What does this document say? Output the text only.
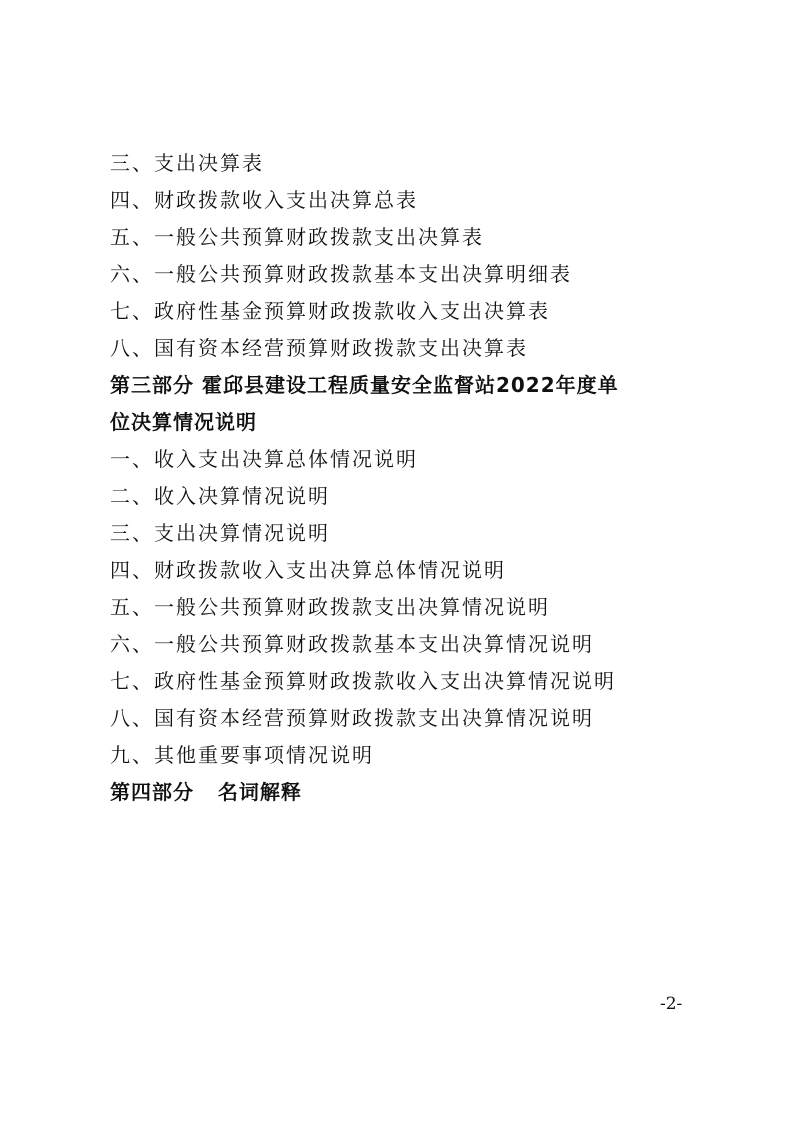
三、支出决算表
四、财政拨款收入支出决算总表
五、一般公共预算财政拨款支出决算表
六、一般公共预算财政拨款基本支出决算明细表
七、政府性基金预算财政拨款收入支出决算表
八、国有资本经营预算财政拨款支出决算表
第三部分 霍邱县建设工程质量安全监督站2022年度单
位决算情况说明
一、收入支出决算总体情况说明
二、收入决算情况说明
三、支出决算情况说明
四、财政拨款收入支出决算总体情况说明
五、一般公共预算财政拨款支出决算情况说明
六、一般公共预算财政拨款基本支出决算情况说明
七、政府性基金预算财政拨款收入支出决算情况说明
八、国有资本经营预算财政拨款支出决算情况说明
九、其他重要事项情况说明
第四部分   名词解释
-2-
